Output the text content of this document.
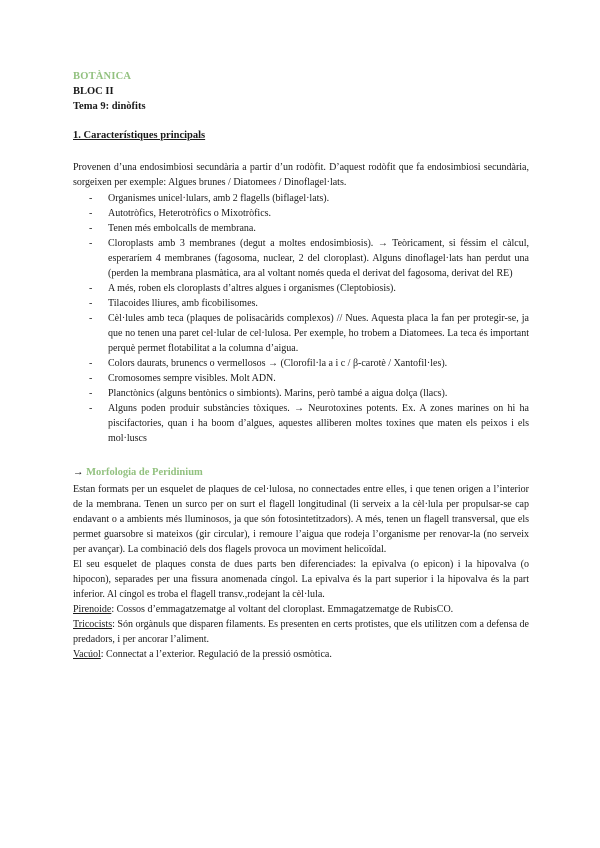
BOTÀNICA
BLOC II
Tema 9: dinòfits
1. Característiques principals
Provenen d’una endosimbiosi secundària a partir d’un rodòfit. D’aquest rodòfit que fa endosimbiosi secundària, sorgeixen per exemple: Algues brunes / Diatomees / Dinoflagel·lats.
- Organismes unicel·lulars, amb 2 flagells (biflagel·lats).
- Autotròfics, Heterotròfics o Mixotròfics.
- Tenen més embolcalls de membrana.
- Cloroplasts amb 3 membranes (degut a moltes endosimbiosis). → Teòricament, si féssim el càlcul, esperaríem 4 membranes (fagosoma, nuclear, 2 del cloroplast). Alguns dinoflagel·lats han perdut una (perden la membrana plasmàtica, ara al voltant només queda el derivat del fagosoma, derivat del RE)
- A més, roben els cloroplasts d’altres algues i organismes (Cleptobiosis).
- Tilacoides lliures, amb ficobilisomes.
- Cèl·lules amb teca (plaques de polisacàrids complexos) // Nues. Aquesta placa la fan per protegir-se, ja que no tenen una paret cel·lular de cel·lulosa. Per exemple, ho trobem a Diatomees. La teca és important perquè permet flotabilitat a la columna d’aigua.
- Colors daurats, brunencs o vermellosos → (Clorofil·la a i c / β-carotè / Xantofil·les).
- Cromosomes sempre visibles. Molt ADN.
- Planctònics (alguns bentònics o simbionts). Marins, però també a aigua dolça (llacs).
- Alguns poden produir substàncies tòxiques. → Neurotoxines potents. Ex. A zones marines on hi ha piscifactories, quan i ha boom d’algues, aquestes alliberen moltes toxines que maten els peixos i els mol·luscs
→ Morfologia de Peridinium

Estan formats per un esquelet de plaques de cel·lulosa, no connectades entre elles, i que tenen origen a l’interior de la membrana. Tenen un surco per on surt el flagell longitudinal (li serveix a la cèl·lula per propulsar-se cap endavant o a ambients més lluminosos, ja que són fotosintetitzadors). A més, tenen un flagell transversal, que els permet guarsobre si mateixos (gir circular), i remoure l’aigua que rodeja l’organisme per renovar-la (no serveix per avançar). La combinació dels dos flagels provoca un moviment helicoïdal.

El seu esquelet de plaques consta de dues parts ben diferenciades: la epivalva (o epicon) i la hipovalva (o hipocon), separades per una fissura anomenada cíngol. La epivalva és la part superior i la hipovalva és la part inferior. Al cíngol es troba el flagell transv.,rodejant la cèl·lula.

Pirenoide: Cossos d’emmagatzematge al voltant del cloroplast. Emmagatzematge de RubisCO.

Tricocists: Són orgànuls que disparen filaments. Es presenten en certs protistes, que els utilitzen com a defensa de predadors, i per ancorar l’aliment.

Vacúol: Connectat a l’exterior. Regulació de la pressió osmòtica.
